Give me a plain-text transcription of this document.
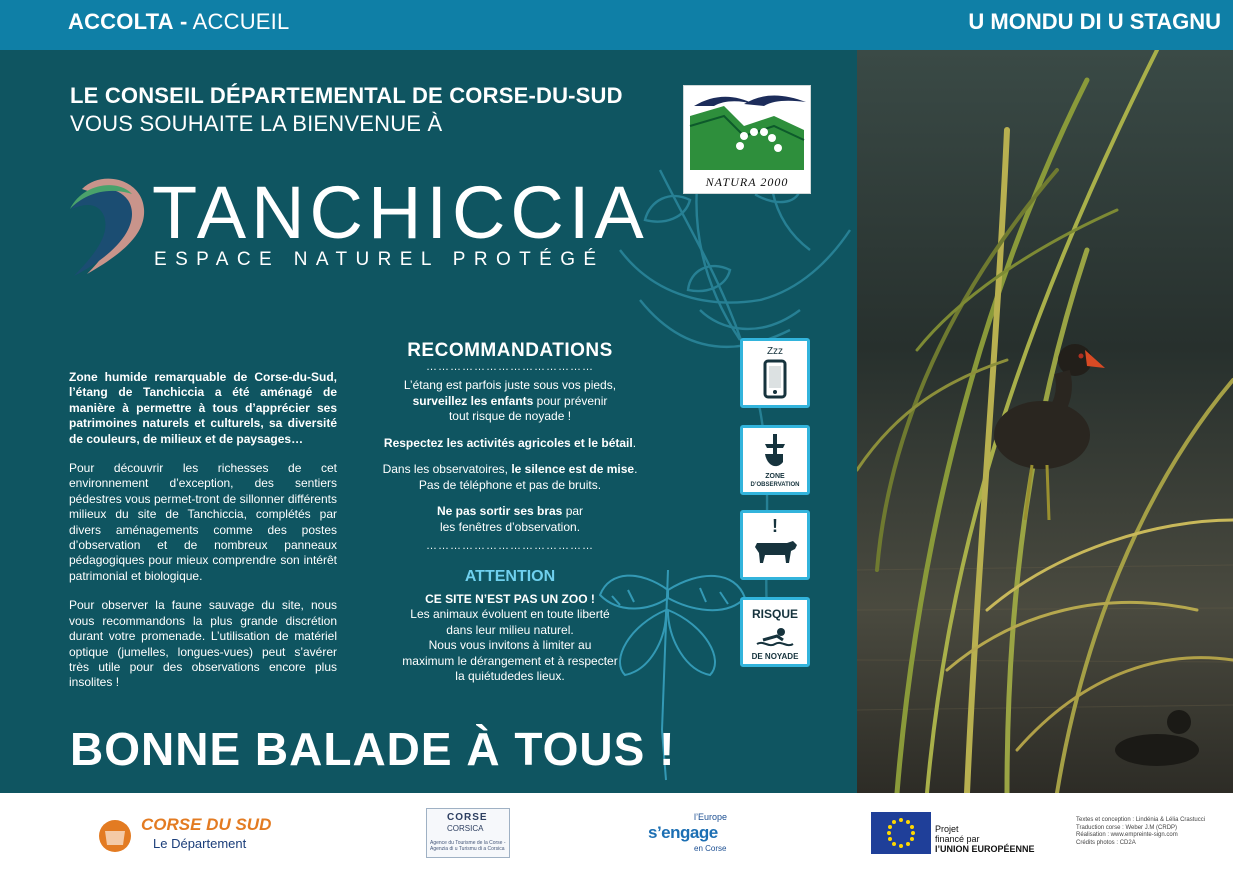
ACCOLTA - ACCUEIL	U MONDU DI U STAGNU
LE CONSEIL DÉPARTEMENTAL DE CORSE-DU-SUD
VOUS SOUHAITE LA BIENVENUE À
TANCHICCIA
ESPACE NATUREL PROTÉGÉ
NATURA 2000

Zone humide remarquable de Corse-du-Sud, l’étang de Tanchiccia a été aménagé de manière à permettre à tous d’apprécier ses patrimoines naturels et culturels, sa diversité de couleurs, de milieux et de paysages…

Pour découvrir les richesses de cet environnement d’exception, des sentiers pédestres vous permet-tront de sillonner différents milieux du site de Tanchiccia, complétés par divers aménagements comme des postes d’observation et de nombreux panneaux pédagogiques pour mieux comprendre son intérêt patrimonial et biologique.

Pour observer la faune sauvage du site, nous vous recommandons la plus grande discrétion durant votre promenade. L’utilisation de matériel optique (jumelles, longues-vues) peut s’avérer très utile pour des observations encore plus insolites !

RECOMMANDATIONS
……………………………………

L’étang est parfois juste sous vos pieds,
surveillez les enfants pour prévenir
tout risque de noyade !

Respectez les activités agricoles et le bétail.

Dans les observatoires, le silence est de mise.
Pas de téléphone et pas de bruits.

Ne pas sortir ses bras par
les fenêtres d’observation.

……………………………………
ATTENTION
CE SITE N’EST PAS UN ZOO !
Les animaux évoluent en toute liberté
dans leur milieu naturel.
Nous vous invitons à limiter au
maximum le dérangement et à respecter
la quiétudedes lieux.
Zzz
ZONE
D’OBSERVATION
!
RISQUE
DE NOYADE
BONNE BALADE À TOUS !
CORSE DU SUD
Le Département
CORSE
CORSICA
Agence du Tourisme de la Corse - Agenzia di u Turismu di a Corsica
l’Europe
s’engage
en Corse
Projet
financé par
l’UNION EUROPÉENNE
Textes et conception : Lindénia & Lélia Crastucci
Traduction corse : Weber J.M (CRDP)
Réalisation : www.empreinte-sign.com
Crédits photos : CD2A
